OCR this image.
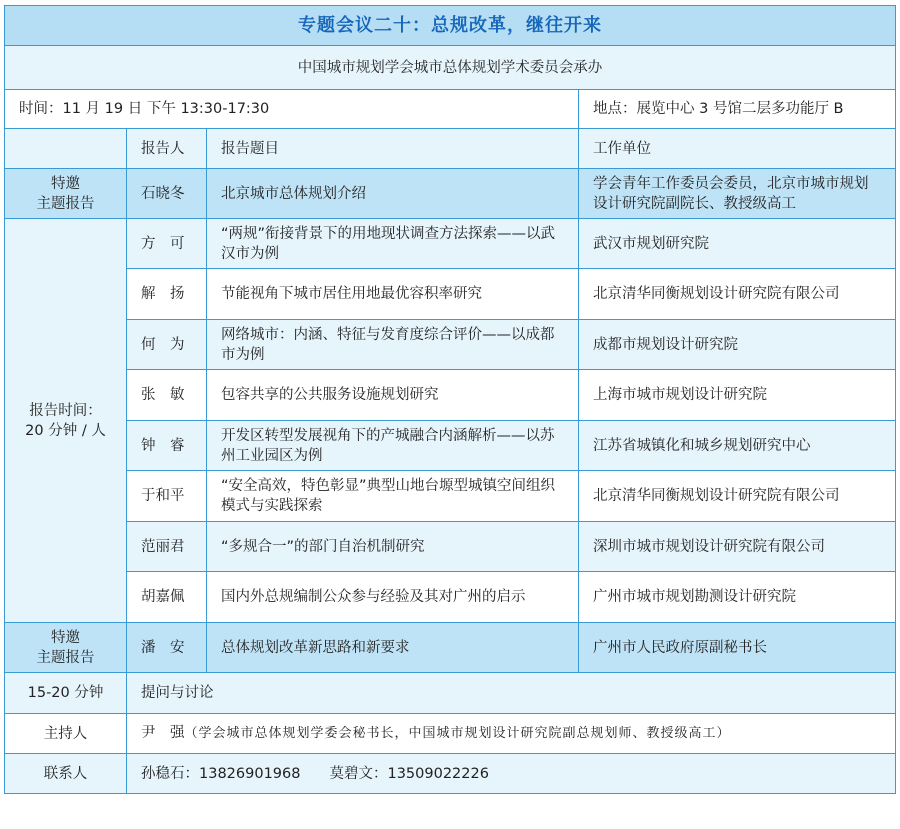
专题会议二十：总规改革，继往开来			
中国城市规划学会城市总体规划学术委员会承办			
时间：11 月 19 日 下午 13:30-17:30			地点：展览中心 3 号馆二层多功能厅 B
	报告人	报告题目	工作单位
特邀
主题报告	石晓冬	北京城市总体规划介绍	学会青年工作委员会委员，北京市城市规划设计研究院副院长、教授级高工
报告时间：
20 分钟 / 人	方　可	“两规”衔接背景下的用地现状调查方法探索——以武汉市为例	武汉市规划研究院
	解　扬	节能视角下城市居住用地最优容积率研究	北京清华同衡规划设计研究院有限公司
	何　为	网络城市：内涵、特征与发育度综合评价——以成都市为例	成都市规划设计研究院
	张　敏	包容共享的公共服务设施规划研究	上海市城市规划设计研究院
	钟　睿	开发区转型发展视角下的产城融合内涵解析——以苏州工业园区为例	江苏省城镇化和城乡规划研究中心
	于和平	“安全高效，特色彰显”典型山地台塬型城镇空间组织模式与实践探索	北京清华同衡规划设计研究院有限公司
	范丽君	“多规合一”的部门自治机制研究	深圳市城市规划设计研究院有限公司
	胡嘉佩	国内外总规编制公众参与经验及其对广州的启示	广州市城市规划勘测设计研究院
特邀
主题报告	潘　安	总体规划改革新思路和新要求	广州市人民政府原副秘书长
15-20 分钟	提问与讨论		
主持人	尹　强（学会城市总体规划学委会秘书长，中国城市规划设计研究院副总规划师、教授级高工）		
联系人	孙稳石：13826901968　　莫碧文：13509022226		
